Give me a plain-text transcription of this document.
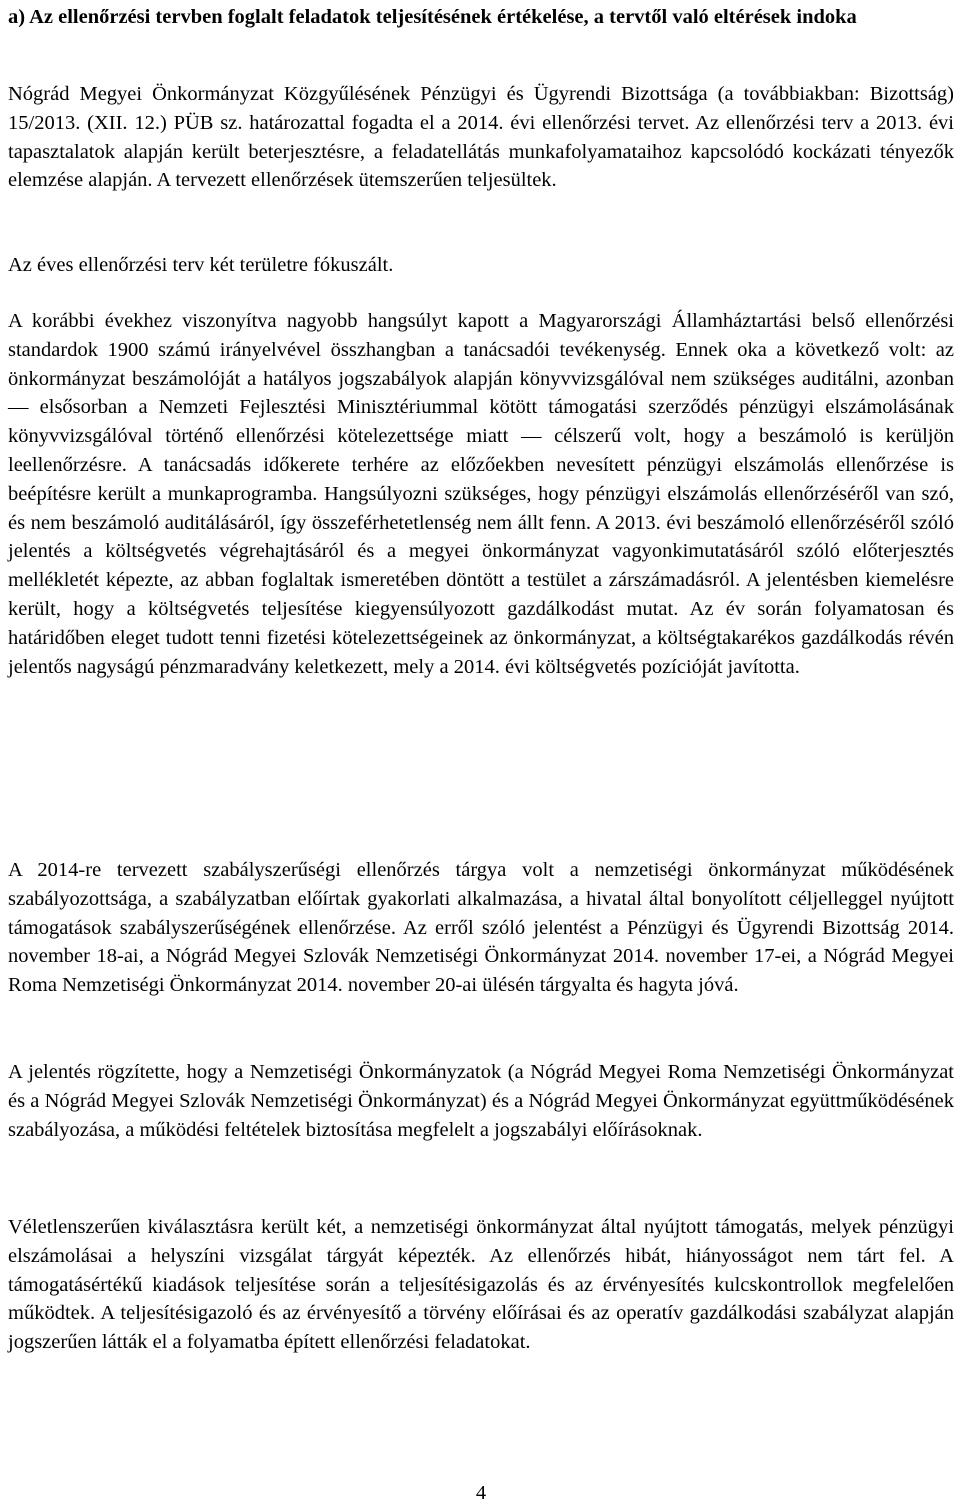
a) Az ellenőrzési tervben foglalt feladatok teljesítésének értékelése, a tervtől való eltérések indoka

Nógrád Megyei Önkormányzat Közgyűlésének Pénzügyi és Ügyrendi Bizottsága (a továbbiakban: Bizottság) 15/2013. (XII. 12.) PÜB sz. határozattal fogadta el a 2014. évi ellenőrzési tervet. Az ellenőrzési terv a 2013. évi tapasztalatok alapján került beterjesztésre, a feladatellátás munkafolyamataihoz kapcsolódó kockázati tényezők elemzése alapján. A tervezett ellenőrzések ütemszerűen teljesültek.

Az éves ellenőrzési terv két területre fókuszált.

A korábbi évekhez viszonyítva nagyobb hangsúlyt kapott a Magyarországi Államháztartási belső ellenőrzési standardok 1900 számú irányelvével összhangban a tanácsadói tevékenység. Ennek oka a következő volt: az önkormányzat beszámolóját a hatályos jogszabályok alapján könyvvizsgálóval nem szükséges auditálni, azonban — elsősorban a Nemzeti Fejlesztési Minisztériummal kötött támogatási szerződés pénzügyi elszámolásának könyvvizsgálóval történő ellenőrzési kötelezettsége miatt — célszerű volt, hogy a beszámoló is kerüljön leellenőrzésre. A tanácsadás időkerete terhére az előzőekben nevesített pénzügyi elszámolás ellenőrzése is beépítésre került a munkaprogramba. Hangsúlyozni szükséges, hogy pénzügyi elszámolás ellenőrzéséről van szó, és nem beszámoló auditálásáról, így összeférhetetlenség nem állt fenn. A 2013. évi beszámoló ellenőrzéséről szóló jelentés a költségvetés végrehajtásáról és a megyei önkormányzat vagyonkimutatásáról szóló előterjesztés mellékletét képezte, az abban foglaltak ismeretében döntött a testület a zárszámadásról. A jelentésben kiemelésre került, hogy a költségvetés teljesítése kiegyensúlyozott gazdálkodást mutat. Az év során folyamatosan és határidőben eleget tudott tenni fizetési kötelezettségeinek az önkormányzat, a költségtakarékos gazdálkodás révén jelentős nagyságú pénzmaradvány keletkezett, mely a 2014. évi költségvetés pozícióját javította.

A 2014-re tervezett szabályszerűségi ellenőrzés tárgya volt a nemzetiségi önkormányzat működésének szabályozottsága, a szabályzatban előírtak gyakorlati alkalmazása, a hivatal által bonyolított céljelleggel nyújtott támogatások szabályszerűségének ellenőrzése. Az erről szóló jelentést a Pénzügyi és Ügyrendi Bizottság 2014. november 18-ai, a Nógrád Megyei Szlovák Nemzetiségi Önkormányzat 2014. november 17-ei, a Nógrád Megyei Roma Nemzetiségi Önkormányzat 2014. november 20-ai ülésén tárgyalta és hagyta jóvá.

A jelentés rögzítette, hogy a Nemzetiségi Önkormányzatok (a Nógrád Megyei Roma Nemzetiségi Önkormányzat és a Nógrád Megyei Szlovák Nemzetiségi Önkormányzat) és a Nógrád Megyei Önkormányzat együttműködésének szabályozása, a működési feltételek biztosítása megfelelt a jogszabályi előírásoknak.

Véletlenszerűen kiválasztásra került két, a nemzetiségi önkormányzat által nyújtott támogatás, melyek pénzügyi elszámolásai a helyszíni vizsgálat tárgyát képezték. Az ellenőrzés hibát, hiányosságot nem tárt fel. A támogatásértékű kiadások teljesítése során a teljesítésigazolás és az érvényesítés kulcskontrollok megfelelően működtek. A teljesítésigazoló és az érvényesítő a törvény előírásai és az operatív gazdálkodási szabályzat alapján jogszerűen látták el a folyamatba épített ellenőrzési feladatokat.

4
